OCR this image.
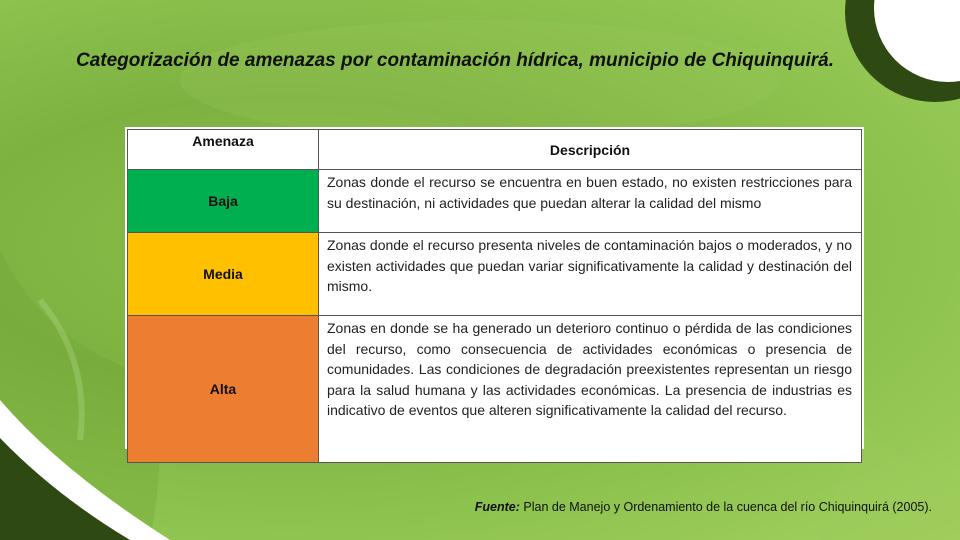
Categorización de amenazas por contaminación hídrica, municipio de Chiquinquirá.
Amenaza	Descripción
Baja	Zonas donde el recurso se encuentra en buen estado, no existen restricciones para su destinación, ni actividades que puedan alterar la calidad del mismo
Media	Zonas donde el recurso presenta niveles de contaminación bajos o moderados, y no existen actividades que puedan variar significativamente la calidad y destinación del mismo.
Alta	Zonas en donde se ha generado un deterioro continuo o pérdida de las condiciones del recurso, como consecuencia de actividades económicas o presencia de comunidades. Las condiciones de degradación preexistentes representan un riesgo para la salud humana y las actividades económicas. La presencia de industrias es indicativo de eventos que alteren significativamente la calidad del recurso.

Fuente: Plan de Manejo y Ordenamiento de la cuenca del río Chiquinquirá (2005).
